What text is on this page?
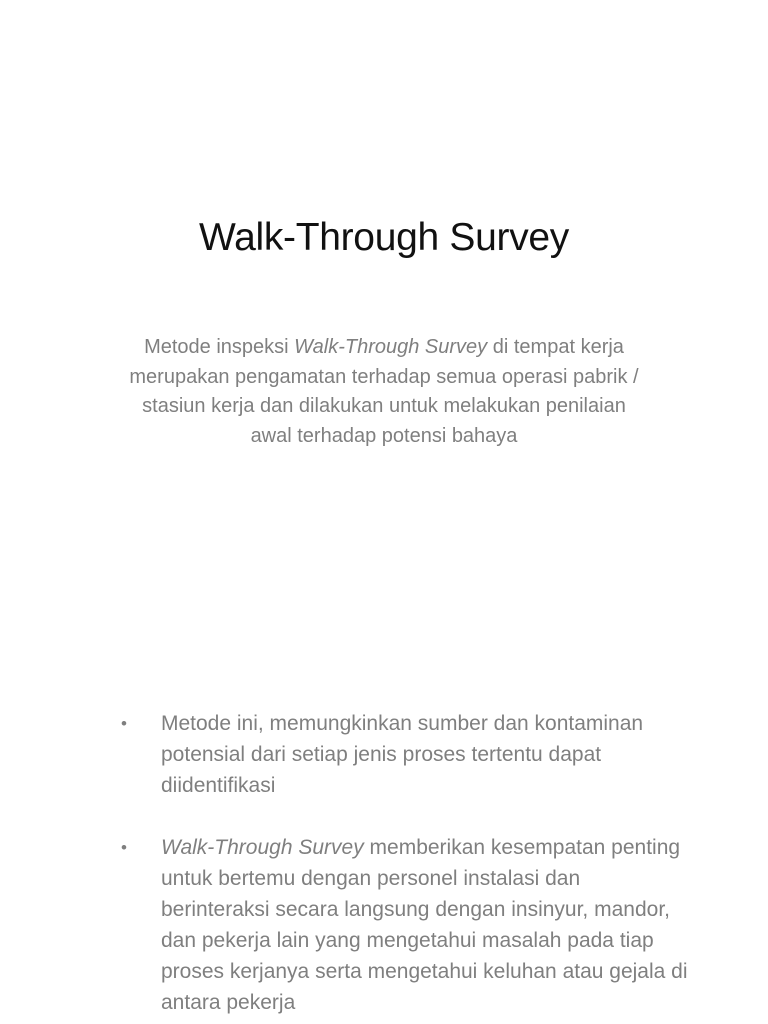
Walk-Through Survey

Metode inspeksi Walk-Through Survey di tempat kerja merupakan pengamatan terhadap semua operasi pabrik / stasiun kerja dan dilakukan untuk melakukan penilaian awal terhadap potensi bahaya

• Metode ini, memungkinkan sumber dan kontaminan potensial dari setiap jenis proses tertentu dapat diidentifikasi
• Walk-Through Survey memberikan kesempatan penting untuk bertemu dengan personel instalasi dan berinteraksi secara langsung dengan insinyur, mandor, dan pekerja lain yang mengetahui masalah pada tiap proses kerjanya serta mengetahui keluhan atau gejala di antara pekerja
